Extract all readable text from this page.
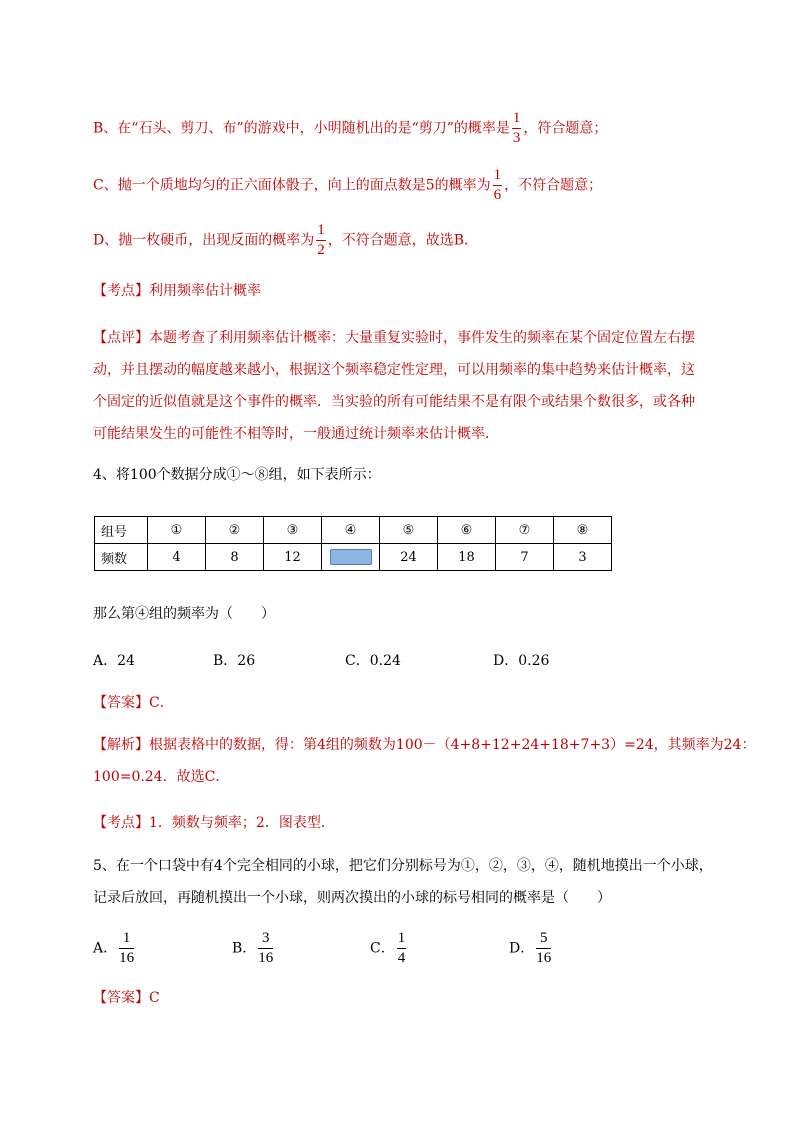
B、在“石头、剪刀、布”的游戏中，小明随机出的是“剪刀”的概率是 $\frac{1}{3}$ ，符合题意；
C、抛一个质地均匀的正六面体骰子，向上的面点数是5的概率为 $\frac{1}{6}$ ，不符合题意；
D、抛一枚硬币，出现反面的概率为 $\frac{1}{2}$ ，不符合题意，故选B．
【考点】利用频率估计概率
【点评】本题考查了利用频率估计概率：大量重复实验时，事件发生的频率在某个固定位置左右摆动，并且摆动的幅度越来越小，根据这个频率稳定性定理，可以用频率的集中趋势来估计概率，这个固定的近似值就是这个事件的概率．当实验的所有可能结果不是有限个或结果个数很多，或各种可能结果发生的可能性不相等时，一般通过统计频率来估计概率．
4、将100个数据分成①～⑧组，如下表所示：
组号	①	②	③	④	⑤	⑥	⑦	⑧
频数	4	8	12		24	18	7	3
那么第④组的频率为（　　）
A．24	B．26	C．0.24	D．0.26
【答案】C．
【解析】根据表格中的数据，得：第4组的频数为100－（4+8+12+24+18+7+3）=24，其频率为24：
100=0.24．故选C．
【考点】1．频数与频率；2．图表型．
5、在一个口袋中有4个完全相同的小球，把它们分别标号为①，②，③，④，随机地摸出一个小球，
记录后放回，再随机摸出一个小球，则两次摸出的小球的标号相同的概率是（　　）
A． $\frac{1}{16}$	B． $\frac{3}{16}$	C． $\frac{1}{4}$	D． $\frac{5}{16}$
【答案】C
